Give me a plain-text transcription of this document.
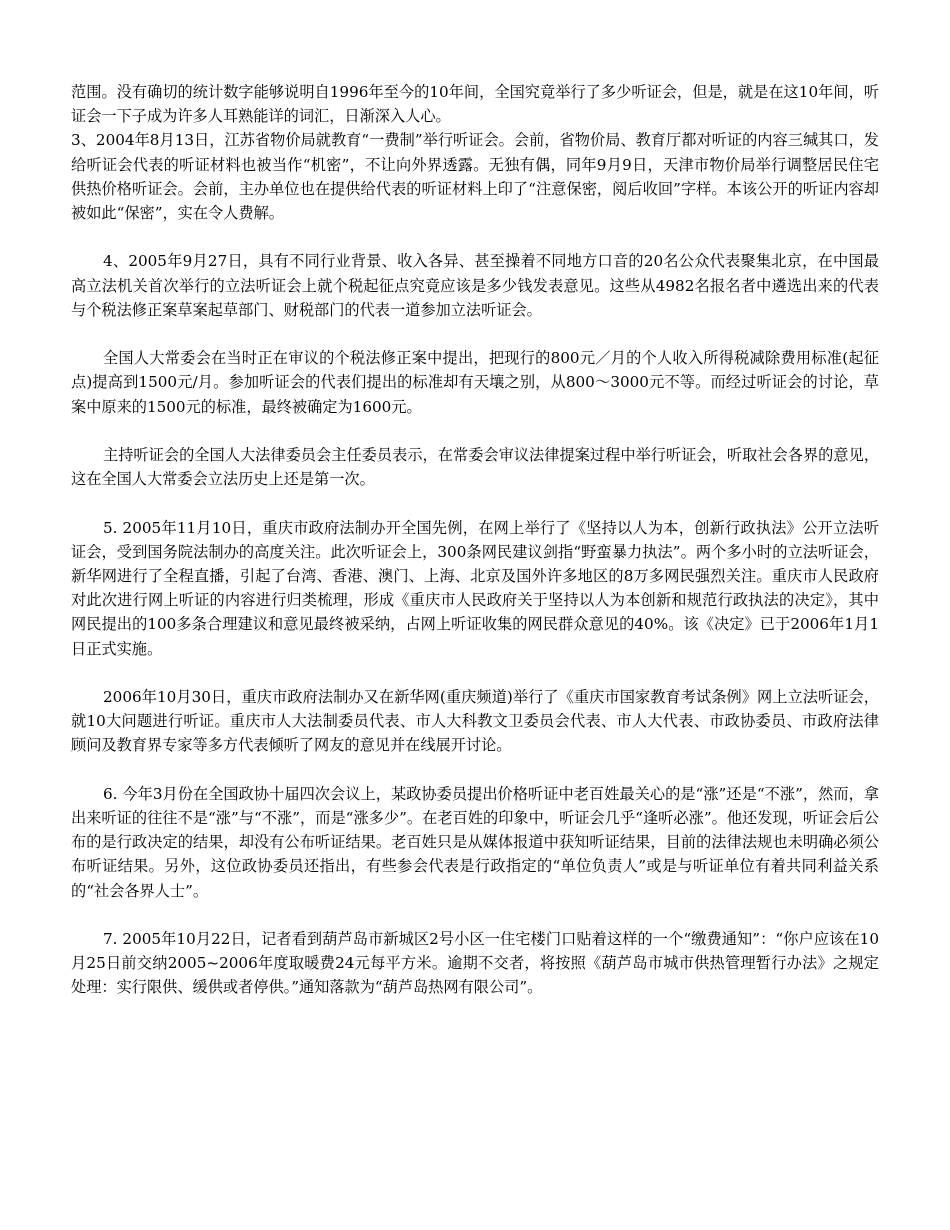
范围。没有确切的统计数字能够说明自1996年至今的10年间，全国究竟举行了多少听证会，但是，就是在这10年间，听证会一下子成为许多人耳熟能详的词汇，日渐深入人心。

3、2004年8月13日，江苏省物价局就教育“一费制”举行听证会。会前，省物价局、教育厅都对听证的内容三缄其口，发给听证会代表的听证材料也被当作“机密”，不让向外界透露。无独有偶，同年9月9日，天津市物价局举行调整居民住宅供热价格听证会。会前，主办单位也在提供给代表的听证材料上印了“注意保密，阅后收回”字样。本该公开的听证内容却被如此“保密”，实在令人费解。

4、2005年9月27日，具有不同行业背景、收入各异、甚至操着不同地方口音的20名公众代表聚集北京，在中国最高立法机关首次举行的立法听证会上就个税起征点究竟应该是多少钱发表意见。这些从4982名报名者中遴选出来的代表与个税法修正案草案起草部门、财税部门的代表一道参加立法听证会。

全国人大常委会在当时正在审议的个税法修正案中提出，把现行的800元／月的个人收入所得税减除费用标准(起征点)提高到1500元/月。参加听证会的代表们提出的标准却有天壤之别，从800～3000元不等。而经过听证会的讨论，草案中原来的1500元的标准，最终被确定为1600元。

主持听证会的全国人大法律委员会主任委员表示，在常委会审议法律提案过程中举行听证会，听取社会各界的意见，这在全国人大常委会立法历史上还是第一次。

5. 2005年11月10日，重庆市政府法制办开全国先例，在网上举行了《坚持以人为本，创新行政执法》公开立法听证会，受到国务院法制办的高度关注。此次听证会上，300条网民建议剑指“野蛮暴力执法”。两个多小时的立法听证会，新华网进行了全程直播，引起了台湾、香港、澳门、上海、北京及国外许多地区的8万多网民强烈关注。重庆市人民政府对此次进行网上听证的内容进行归类梳理，形成《重庆市人民政府关于坚持以人为本创新和规范行政执法的决定》，其中网民提出的100多条合理建议和意见最终被采纳，占网上听证收集的网民群众意见的40%。该《决定》已于2006年1月1日正式实施。

2006年10月30日，重庆市政府法制办又在新华网(重庆频道)举行了《重庆市国家教育考试条例》网上立法听证会，就10大问题进行听证。重庆市人大法制委员代表、市人大科教文卫委员会代表、市人大代表、市政协委员、市政府法律顾问及教育界专家等多方代表倾听了网友的意见并在线展开讨论。

6. 今年3月份在全国政协十届四次会议上，某政协委员提出价格听证中老百姓最关心的是“涨”还是“不涨”，然而，拿出来听证的往往不是“涨”与“不涨”，而是“涨多少”。在老百姓的印象中，听证会几乎“逢听必涨”。他还发现，听证会后公布的是行政决定的结果，却没有公布听证结果。老百姓只是从媒体报道中获知听证结果，目前的法律法规也未明确必须公布听证结果。另外，这位政协委员还指出，有些参会代表是行政指定的“单位负责人”或是与听证单位有着共同利益关系的“社会各界人士”。

7. 2005年10月22日，记者看到葫芦岛市新城区2号小区一住宅楼门口贴着这样的一个“缴费通知”：“你户应该在10月25日前交纳2005~2006年度取暖费24元每平方米。逾期不交者，将按照《葫芦岛市城市供热管理暂行办法》之规定处理：实行限供、缓供或者停供。”通知落款为“葫芦岛热网有限公司”。
